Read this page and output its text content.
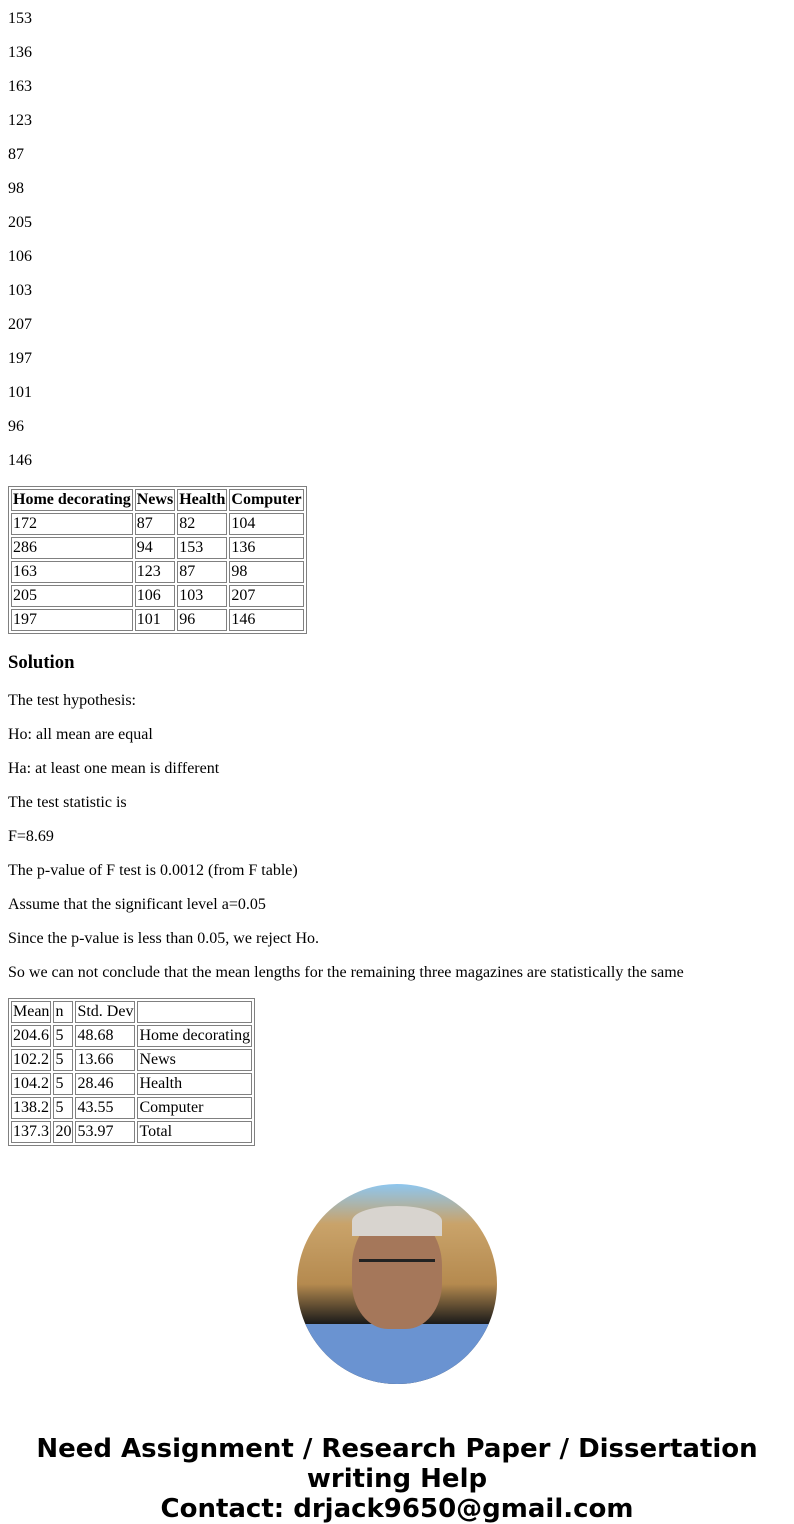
153

136

163

123

87

98

205

106

103

207

197

101

96

146

Home decorating	News	Health	Computer
172	87	82	104
286	94	153	136
163	123	87	98
205	106	103	207
197	101	96	146
Solution

The test hypothesis:

Ho: all mean are equal

Ha: at least one mean is different

The test statistic is

F=8.69

The p-value of F test is 0.0012 (from F table)

Assume that the significant level a=0.05

Since the p-value is less than 0.05, we reject Ho.

So we can not conclude that the mean lengths for the remaining three magazines are statistically the same

Mean	n	Std. Dev	
204.6	5	48.68	Home decorating
102.2	5	13.66	News
104.2	5	28.46	Health
138.2	5	43.55	Computer
137.3	20	53.97	Total
Need Assignment / Research Paper / Dissertation writing Help
Contact: drjack9650@gmail.com
